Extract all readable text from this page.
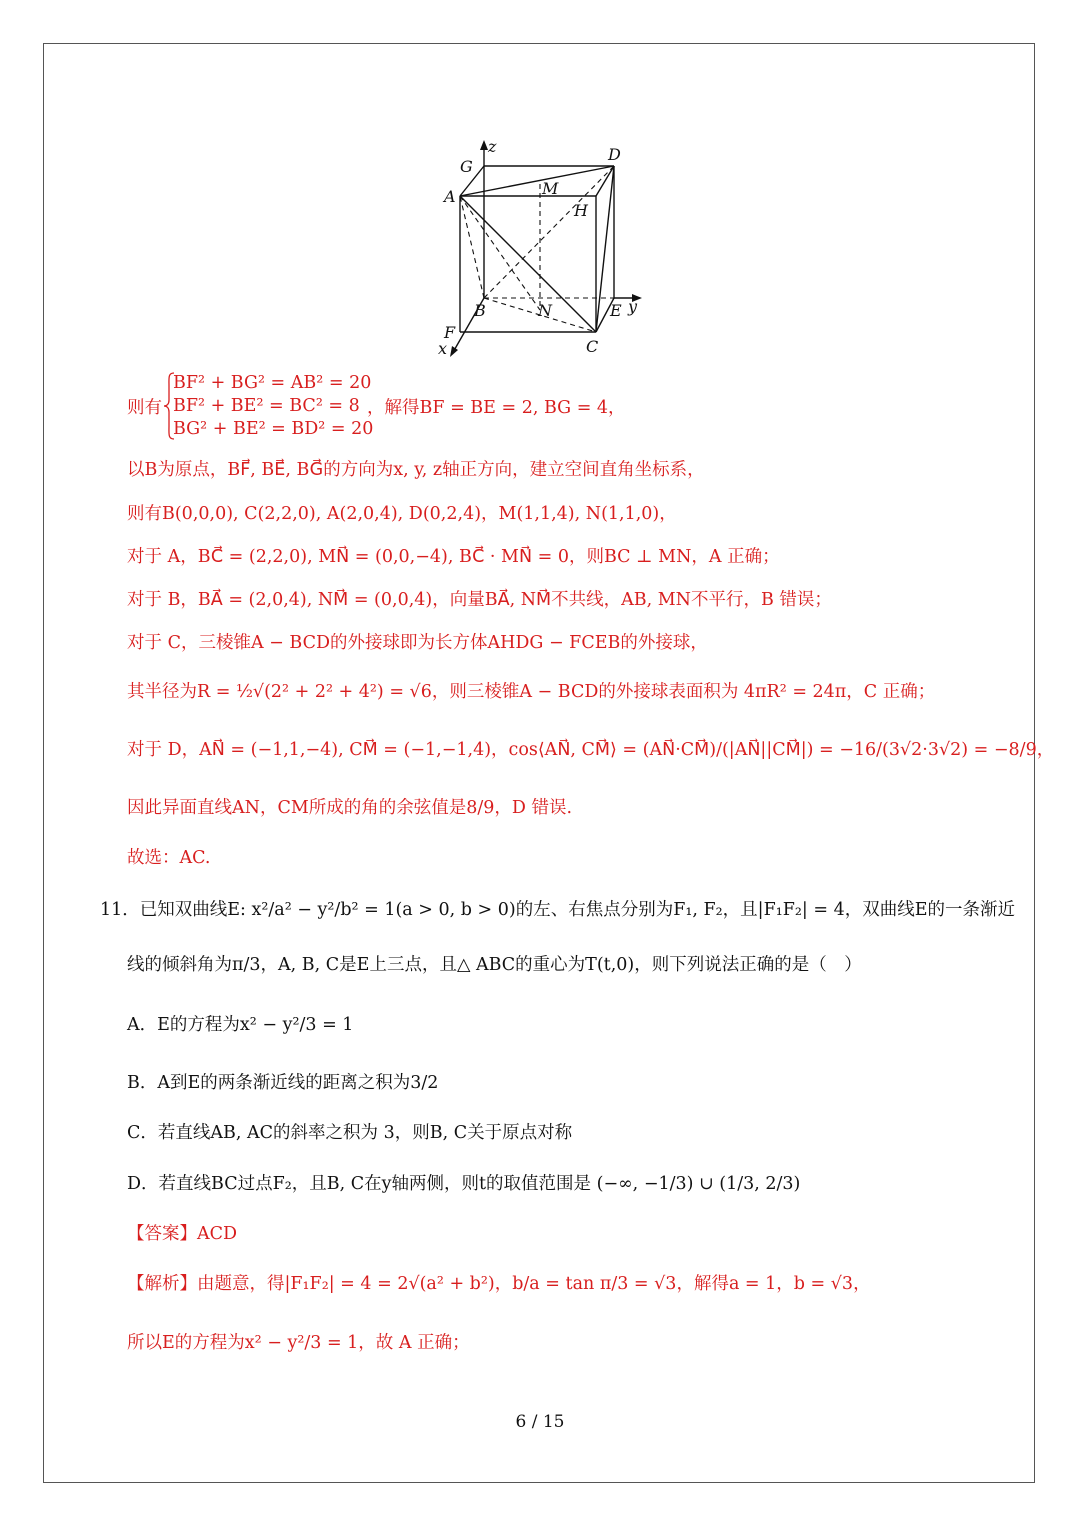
z
G
D
A	M
H
B	N	E y
F
x	C
则有
BF² + BG² = AB² = 20
BF² + BE² = BC² = 8
BG² + BE² = BD² = 20
，解得BF = BE = 2, BG = 4，
以B为原点，BF⃗, BE⃗, BG⃗的方向为x, y, z轴正方向，建立空间直角坐标系，
则有B(0,0,0), C(2,2,0), A(2,0,4), D(0,2,4)，M(1,1,4), N(1,1,0)，
对于 A，BC⃗ = (2,2,0), MN⃗ = (0,0,−4), BC⃗ · MN⃗ = 0，则BC ⊥ MN，A 正确；
对于 B，BA⃗ = (2,0,4), NM⃗ = (0,0,4)，向量BA⃗, NM⃗不共线，AB, MN不平行，B 错误；
对于 C，三棱锥A − BCD的外接球即为长方体AHDG − FCEB的外接球，
其半径为R = ½√(2² + 2² + 4²) = √6，则三棱锥A − BCD的外接球表面积为 4πR² = 24π，C 正确；
对于 D，AN⃗ = (−1,1,−4), CM⃗ = (−1,−1,4)，cos⟨AN⃗, CM⃗⟩ = (AN⃗·CM⃗)/(|AN⃗||CM⃗|) = −16/(3√2·3√2) = −8/9，
因此异面直线AN，CM所成的角的余弦值是8/9，D 错误.
故选：AC.
11．已知双曲线E: x²/a² − y²/b² = 1(a > 0, b > 0)的左、右焦点分别为F₁, F₂，且|F₁F₂| = 4，双曲线E的一条渐近
线的倾斜角为π/3，A, B, C是E上三点，且△ ABC的重心为T(t,0)，则下列说法正确的是（　）
A．E的方程为x² − y²/3 = 1
B．A到E的两条渐近线的距离之积为3/2
C．若直线AB, AC的斜率之积为 3，则B, C关于原点对称
D．若直线BC过点F₂，且B, C在y轴两侧，则t的取值范围是 (−∞, −1/3) ∪ (1/3, 2/3)
【答案】ACD
【解析】由题意，得|F₁F₂| = 4 = 2√(a² + b²)，b/a = tan π/3 = √3，解得a = 1，b = √3，
所以E的方程为x² − y²/3 = 1，故 A 正确；
6 / 15
